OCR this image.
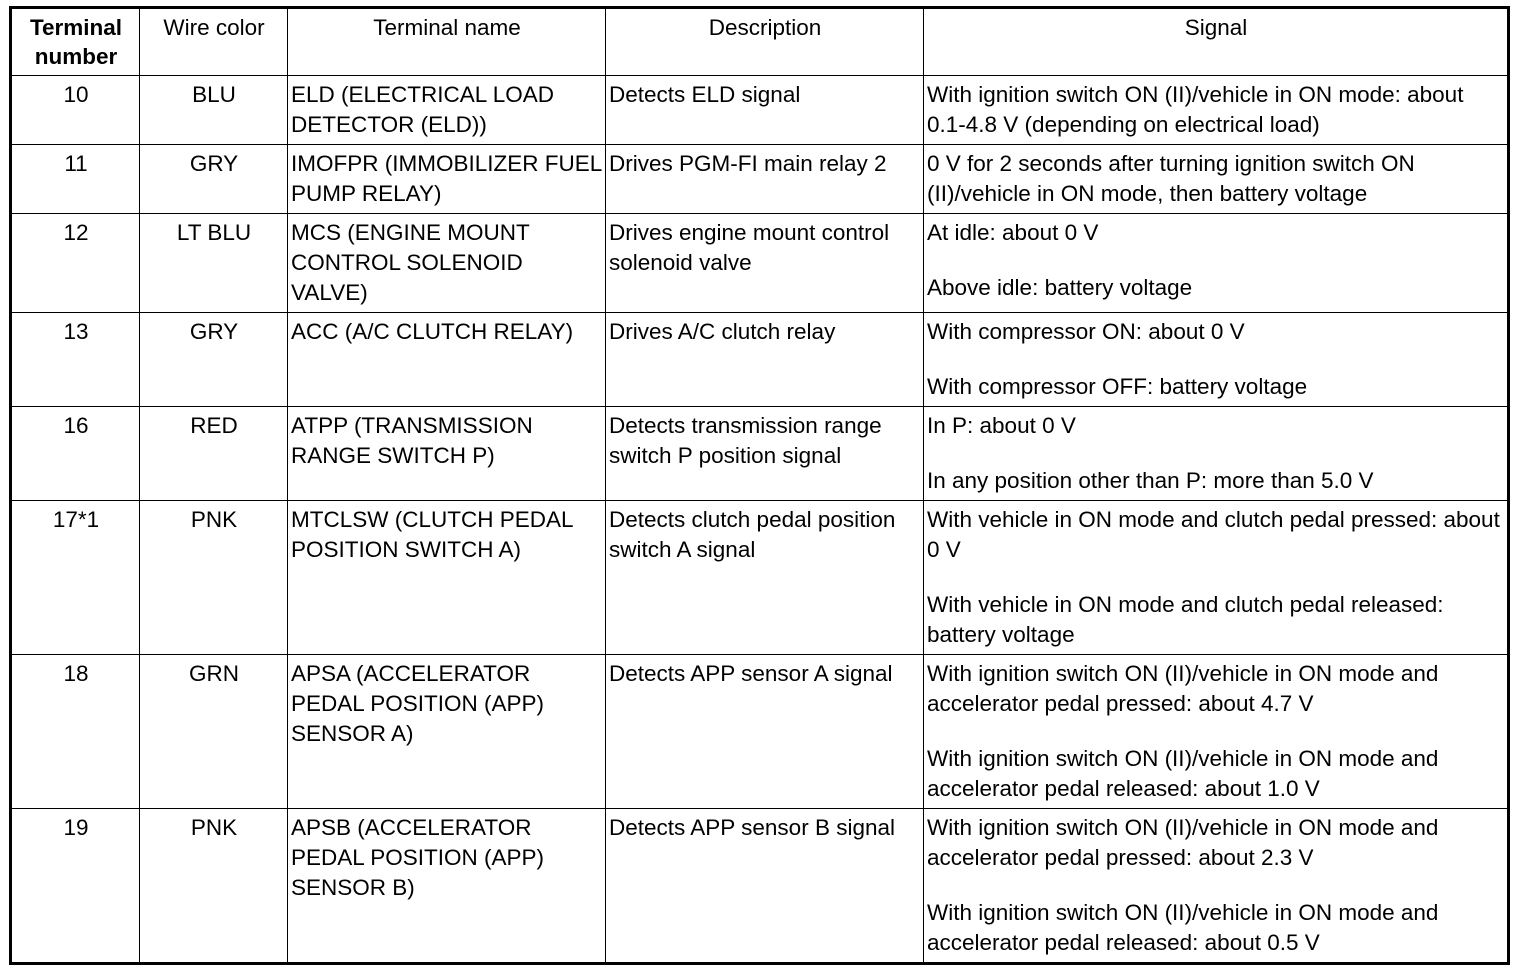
Terminal number	Wire color	Terminal name	Description	Signal
10	BLU	ELD (ELECTRICAL LOAD DETECTOR (ELD))	Detects ELD signal	With ignition switch ON (II)/vehicle in ON mode: about 0.1-4.8 V (depending on electrical load)

11	GRY	IMOFPR (IMMOBILIZER FUEL PUMP RELAY)	Drives PGM-FI main relay 2	0 V for 2 seconds after turning ignition switch ON (II)/vehicle in ON mode, then battery voltage

12	LT BLU	MCS (ENGINE MOUNT CONTROL SOLENOID VALVE)	Drives engine mount control solenoid valve	At idle: about 0 V
Above idle: battery voltage

13	GRY	ACC (A/C CLUTCH RELAY)	Drives A/C clutch relay	With compressor ON: about 0 V
With compressor OFF: battery voltage

16	RED	ATPP (TRANSMISSION RANGE SWITCH P)	Detects transmission range switch P position signal	In P: about 0 V
In any position other than P: more than 5.0 V

17*1	PNK	MTCLSW (CLUTCH PEDAL POSITION SWITCH A)	Detects clutch pedal position switch A signal	With vehicle in ON mode and clutch pedal pressed: about 0 V
With vehicle in ON mode and clutch pedal released: battery voltage

18	GRN	APSA (ACCELERATOR PEDAL POSITION (APP) SENSOR A)	Detects APP sensor A signal	With ignition switch ON (II)/vehicle in ON mode and accelerator pedal pressed: about 4.7 V
With ignition switch ON (II)/vehicle in ON mode and accelerator pedal released: about 1.0 V

19	PNK	APSB (ACCELERATOR PEDAL POSITION (APP) SENSOR B)	Detects APP sensor B signal	With ignition switch ON (II)/vehicle in ON mode and accelerator pedal pressed: about 2.3 V
With ignition switch ON (II)/vehicle in ON mode and accelerator pedal released: about 0.5 V
